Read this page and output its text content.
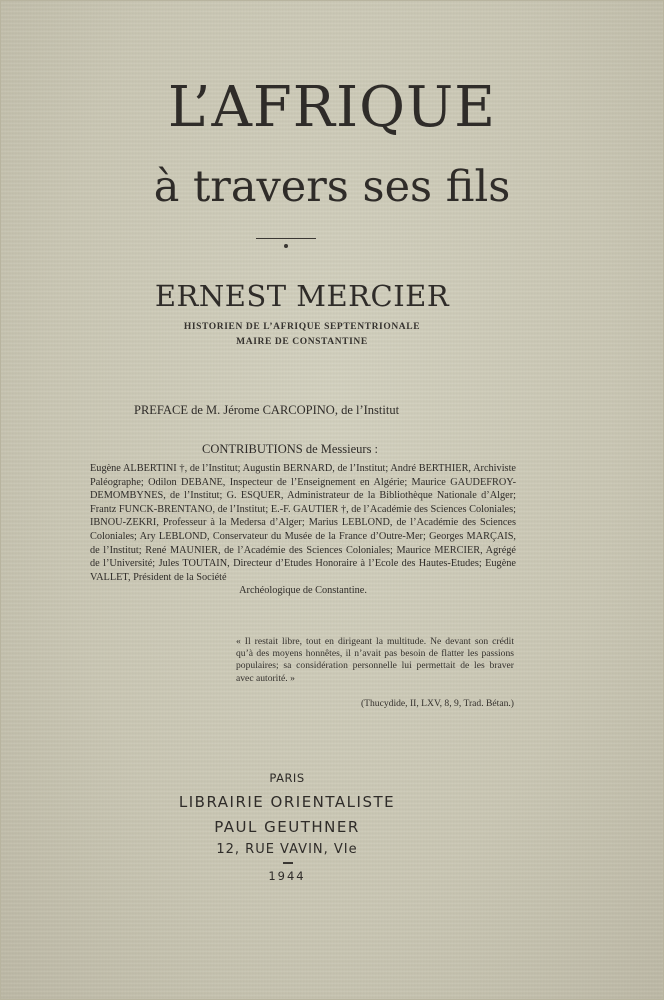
L’AFRIQUE
à travers ses fils
ERNEST MERCIER
HISTORIEN DE L’AFRIQUE SEPTENTRIONALE
MAIRE DE CONSTANTINE
PREFACE de M. Jérome CARCOPINO, de l’Institut
CONTRIBUTIONS de Messieurs :
Eugène ALBERTINI †, de l’Institut; Augustin BERNARD, de l’Institut; André BERTHIER, Archiviste Paléographe; Odilon DEBANE, Inspecteur de l’Enseignement en Algérie; Maurice GAUDEFROY-DEMOMBYNES, de l’Institut; G. ESQUER, Administrateur de la Bibliothèque Nationale d’Alger; Frantz FUNCK-BRENTANO, de l’Institut; E.-F. GAUTIER †, de l’Académie des Sciences Coloniales; IBNOU-ZEKRI, Professeur à la Medersa d’Alger; Marius LEBLOND, de l’Académie des Sciences Coloniales; Ary LEBLOND, Conservateur du Musée de la France d’Outre-Mer; Georges MARÇAIS, de l’Institut; René MAUNIER, de l’Académie des Sciences Coloniales; Maurice MERCIER, Agrégé de l’Université; Jules TOUTAIN, Directeur d’Etudes Honoraire à l’Ecole des Hautes-Etudes; Eugène VALLET, Président de la Société
Archéologique de Constantine.
« Il restait libre, tout en dirigeant la multitude. Ne devant son crédit qu’à des moyens honnêtes, il n’avait pas besoin de flatter les passions populaires; sa considération personnelle lui permettait de les braver avec autorité. »
(Thucydide, II, LXV, 8, 9, Trad. Bétan.)
PARIS
LIBRAIRIE ORIENTALISTE
PAUL GEUTHNER
12, RUE VAVIN, VIe
1944
